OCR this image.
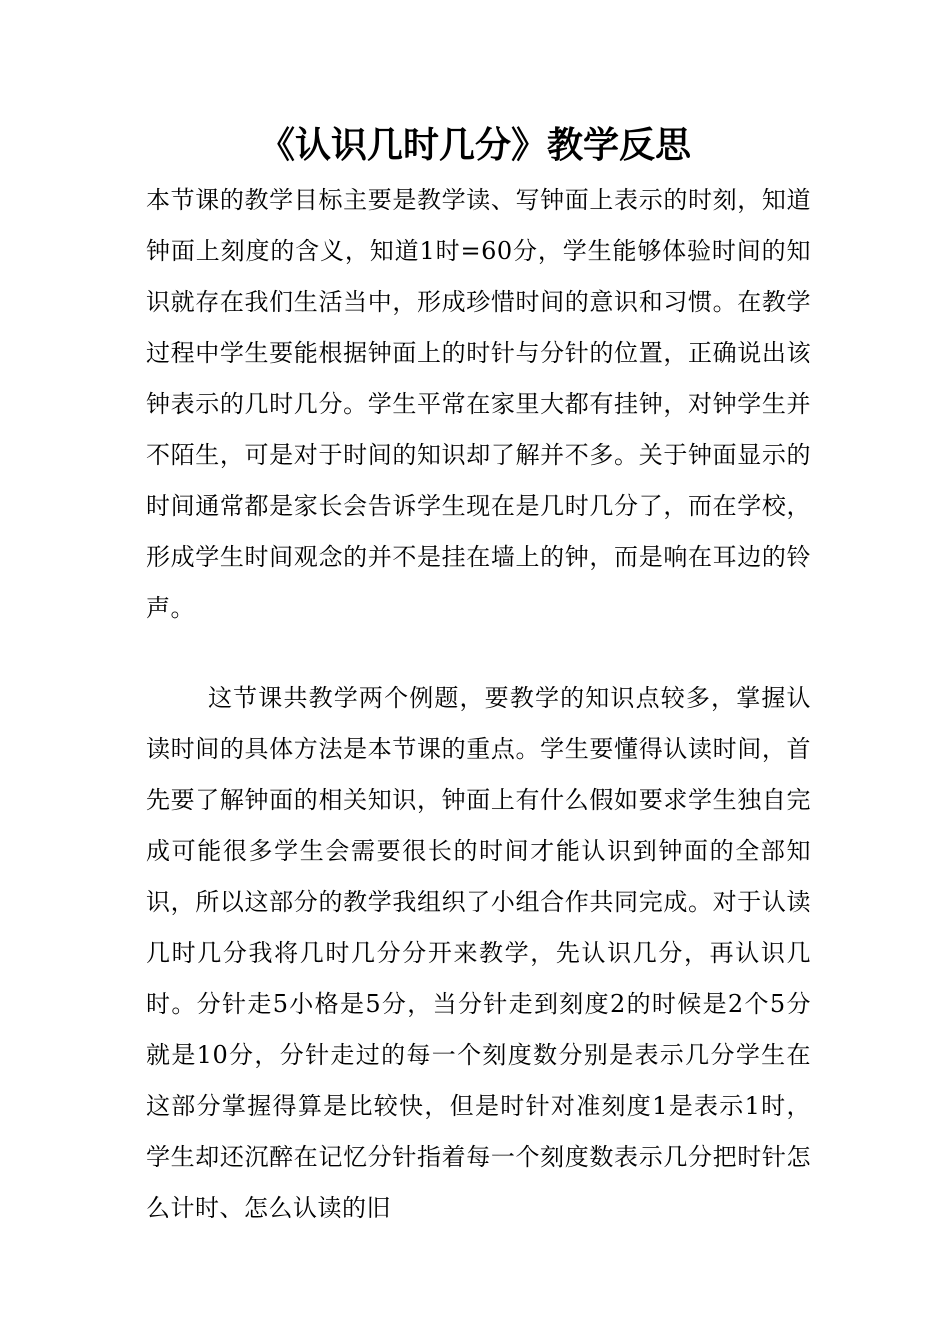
《认识几时几分》教学反思

本节课的教学目标主要是教学读、写钟面上表示的时刻，知道钟面上刻度的含义，知道1时=60分，学生能够体验时间的知识就存在我们生活当中，形成珍惜时间的意识和习惯。在教学过程中学生要能根据钟面上的时针与分针的位置，正确说出该钟表示的几时几分。学生平常在家里大都有挂钟，对钟学生并不陌生，可是对于时间的知识却了解并不多。关于钟面显示的时间通常都是家长会告诉学生现在是几时几分了，而在学校，形成学生时间观念的并不是挂在墙上的钟，而是响在耳边的铃声。

这节课共教学两个例题，要教学的知识点较多，掌握认读时间的具体方法是本节课的重点。学生要懂得认读时间，首先要了解钟面的相关知识，钟面上有什么假如要求学生独自完成可能很多学生会需要很长的时间才能认识到钟面的全部知识，所以这部分的教学我组织了小组合作共同完成。对于认读几时几分我将几时几分分开来教学，先认识几分，再认识几时。分针走5小格是5分，当分针走到刻度2的时候是2个5分就是10分，分针走过的每一个刻度数分别是表示几分学生在这部分掌握得算是比较快，但是时针对准刻度1是表示1时，学生却还沉醉在记忆分针指着每一个刻度数表示几分把时针怎么计时、怎么认读的旧
